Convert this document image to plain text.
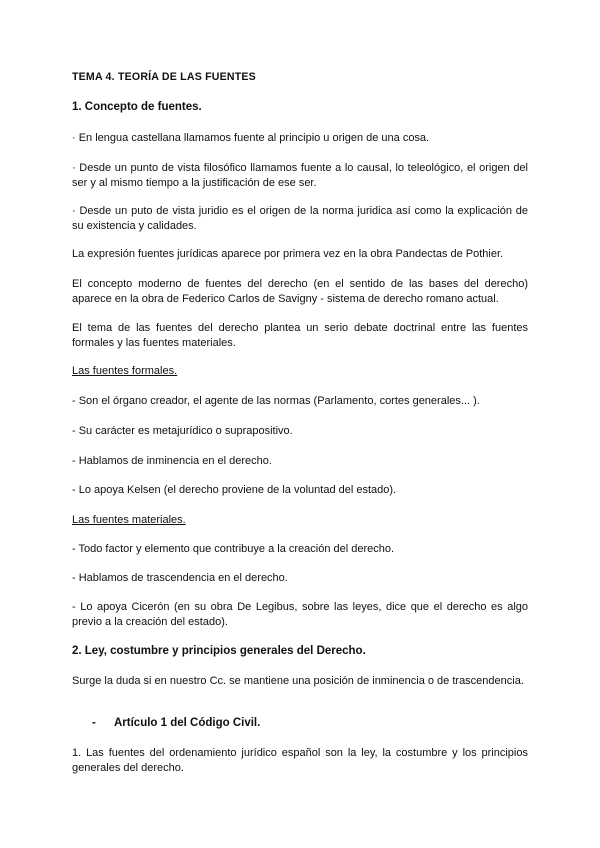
TEMA 4. TEORÍA DE LAS FUENTES
1. Concepto de fuentes.
· En lengua castellana llamamos fuente al principio u origen de una cosa.
· Desde un punto de vista filosófico llamamos fuente a lo causal, lo teleológico, el origen del ser y al mismo tiempo a la justificación de ese ser.
· Desde un puto de vista juridio es el origen de la norma juridica así como la explicación de su existencia y calidades.
La expresión fuentes jurídicas aparece por primera vez en la obra Pandectas de Pothier.
El concepto moderno de fuentes del derecho (en el sentido de las bases del derecho) aparece en la obra de Federico Carlos de Savigny - sistema de derecho romano actual.
El tema de las fuentes del derecho plantea un serio debate doctrinal entre las fuentes formales y las fuentes materiales.
Las fuentes formales.
- Son el órgano creador, el agente de las normas (Parlamento, cortes generales... ).
- Su carácter es metajurídico o suprapositivo.
- Hablamos de inminencia en el derecho.
- Lo apoya Kelsen (el derecho proviene de la voluntad del estado).
Las fuentes materiales.
- Todo factor y elemento que contribuye a la creación del derecho.
- Hablamos de trascendencia en el derecho.
- Lo apoya Cicerón (en su obra De Legibus, sobre las leyes, dice que el derecho es algo previo a la creación del estado).
2. Ley, costumbre y principios generales del Derecho.
Surge la duda si en nuestro Cc. se mantiene una posición de inminencia o de trascendencia.
- Artículo 1 del Código Civil.
1. Las fuentes del ordenamiento jurídico español son la ley, la costumbre y los principios generales del derecho.
